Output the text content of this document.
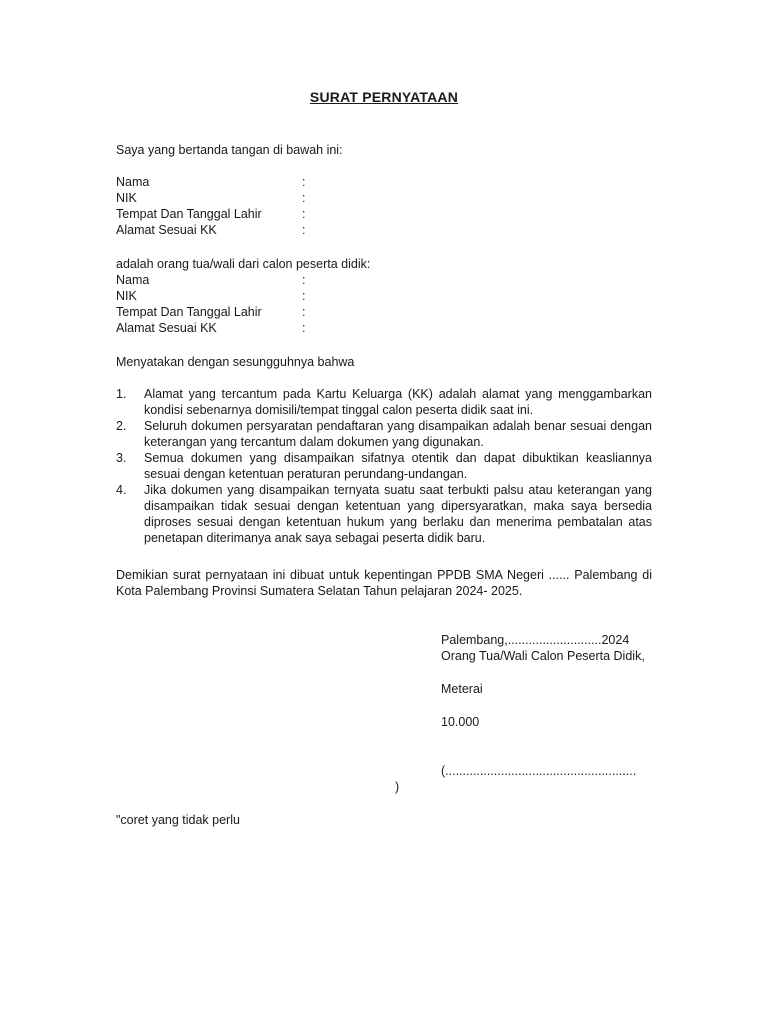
SURAT PERNYATAAN
Saya yang bertanda tangan di bawah ini:
Nama	:
NIK	:
Tempat Dan Tanggal Lahir	:
Alamat Sesuai KK	:
adalah orang tua/wali dari calon peserta didik:
Nama	:
NIK	:
Tempat Dan Tanggal Lahir	:
Alamat Sesuai KK	:
Menyatakan dengan sesungguhnya bahwa
1. Alamat yang tercantum pada Kartu Keluarga (KK) adalah alamat yang menggambarkan kondisi sebenarnya domisili/tempat tinggal calon peserta didik saat ini.
2. Seluruh dokumen persyaratan pendaftaran yang disampaikan adalah benar sesuai dengan keterangan yang tercantum dalam dokumen yang digunakan.
3. Semua dokumen yang disampaikan sifatnya otentik dan dapat dibuktikan keasliannya sesuai dengan ketentuan peraturan perundang-undangan.
4. Jika dokumen yang disampaikan ternyata suatu saat terbukti palsu atau keterangan yang disampaikan tidak sesuai dengan ketentuan yang dipersyaratkan, maka saya bersedia diproses sesuai dengan ketentuan hukum yang berlaku dan menerima pembatalan atas penetapan diterimanya anak saya sebagai peserta didik baru.
Demikian surat pernyataan ini dibuat untuk kepentingan PPDB SMA Negeri ...... Palembang di Kota Palembang Provinsi Sumatera Selatan Tahun pelajaran 2024- 2025.
Palembang,...........................2024
Orang Tua/Wali Calon Peserta Didik,
Meterai
10.000
(.......................................................
)
"coret yang tidak perlu
